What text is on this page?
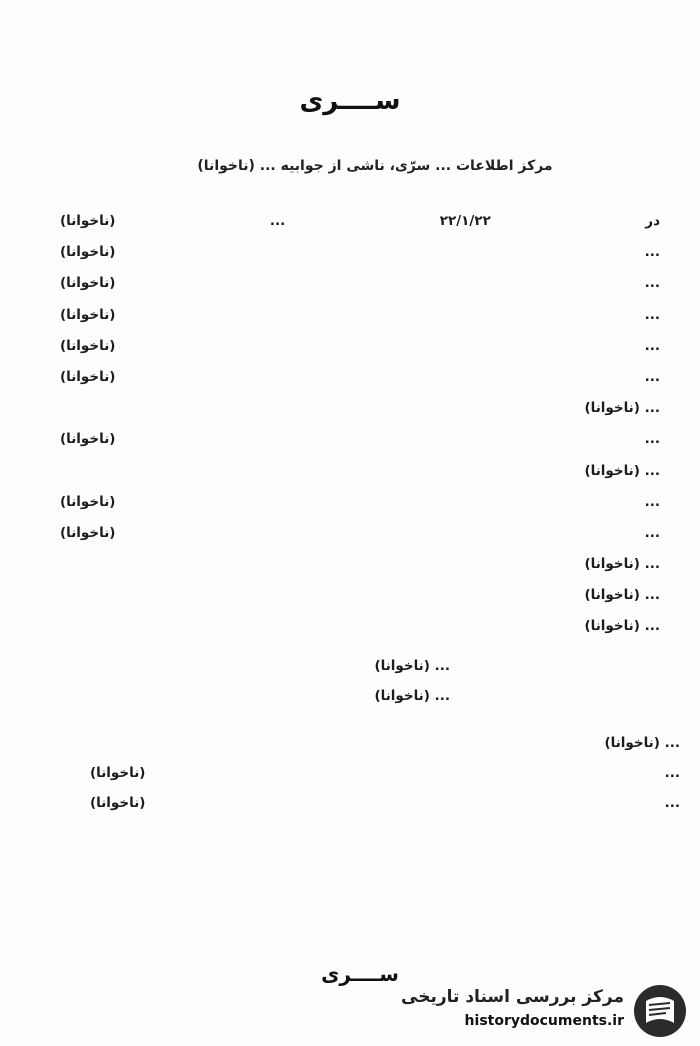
ســــری
مرکز اطلاعات ... سرّی، ناشی از جوابیه ... (ناخوانا)
در ۲۲/۱/۲۲ ... (ناخوانا)
... (ناخوانا)
... (ناخوانا)
... (ناخوانا)
... (ناخوانا)
... (ناخوانا)
... (ناخوانا)
... (ناخوانا)
... (ناخوانا)
... (ناخوانا)
... (ناخوانا)
... (ناخوانا)
... (ناخوانا)
... (ناخوانا)
... (ناخوانا)
... (ناخوانا)
... (ناخوانا)
... (ناخوانا)
... (ناخوانا)
ســــری
مرکز بررسی اسناد تاریخی
historydocuments.ir
